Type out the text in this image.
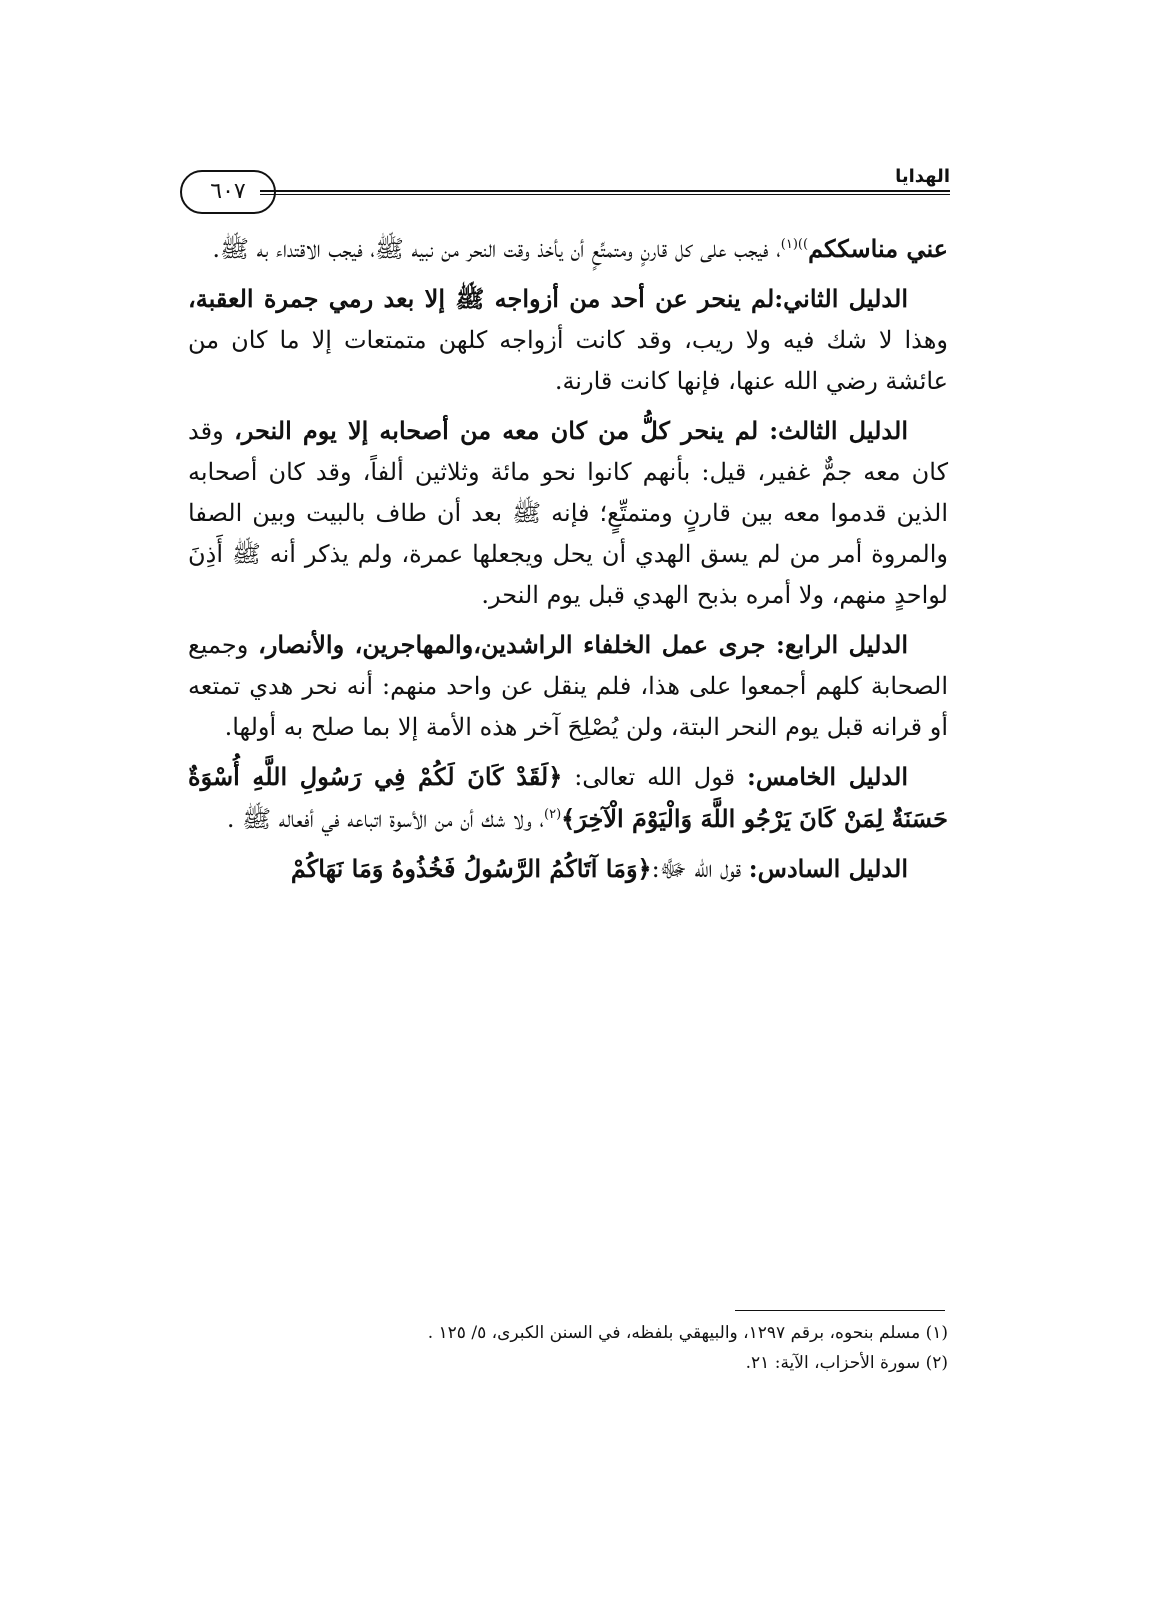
٦٠٧
الهدايا

عني مناسككم$^{))(١)}$، فيجب على كل قارنٍ ومتمتِّعٍ أن يأخذ وقت النحر من نبيه ﷺ، فيجب الاقتداء به ﷺ.

الدليل الثاني:لم ينحر عن أحد من أزواجه ﷺ إلا بعد رمي جمرة العقبة، وهذا لا شك فيه ولا ريب، وقد كانت أزواجه كلهن متمتعات إلا ما كان من عائشة رضي الله عنها، فإنها كانت قارنة.

الدليل الثالث: لم ينحر كلُّ من كان معه من أصحابه إلا يوم النحر، وقد كان معه جمٌّ غفير، قيل: بأنهم كانوا نحو مائة وثلاثين ألفاً، وقد كان أصحابه الذين قدموا معه بين قارنٍ ومتمتِّعٍ؛ فإنه ﷺ بعد أن طاف بالبيت وبين الصفا والمروة أمر من لم يسق الهدي أن يحل ويجعلها عمرة، ولم يذكر أنه ﷺ أَذِنَ لواحدٍ منهم، ولا أمره بذبح الهدي قبل يوم النحر.

الدليل الرابع: جرى عمل الخلفاء الراشدين،والمهاجرين، والأنصار، وجميع الصحابة كلهم أجمعوا على هذا، فلم ينقل عن واحد منهم: أنه نحر هدي تمتعه أو قرانه قبل يوم النحر البتة، ولن يُصْلِحَ آخر هذه الأمة إلا بما صلح به أولها.

الدليل الخامس: قول الله تعالى: ﴿لَقَدْ كَانَ لَكُمْ فِي رَسُولِ اللَّهِ أُسْوَةٌ حَسَنَةٌ لِمَنْ كَانَ يَرْجُو اللَّهَ وَالْيَوْمَ الْآخِرَ﴾$^{(٢)}$، ولا شك أن من الأسوة اتباعه في أفعاله ﷺ .

الدليل السادس: قول الله ﷻ:﴿وَمَا آتَاكُمُ الرَّسُولُ فَخُذُوهُ وَمَا نَهَاكُمْ

(١) مسلم بنحوه، برقم ١٢٩٧، والبيهقي بلفظه، في السنن الكبرى، ٥/ ١٢٥ .

(٢) سورة الأحزاب، الآية: ٢١.
